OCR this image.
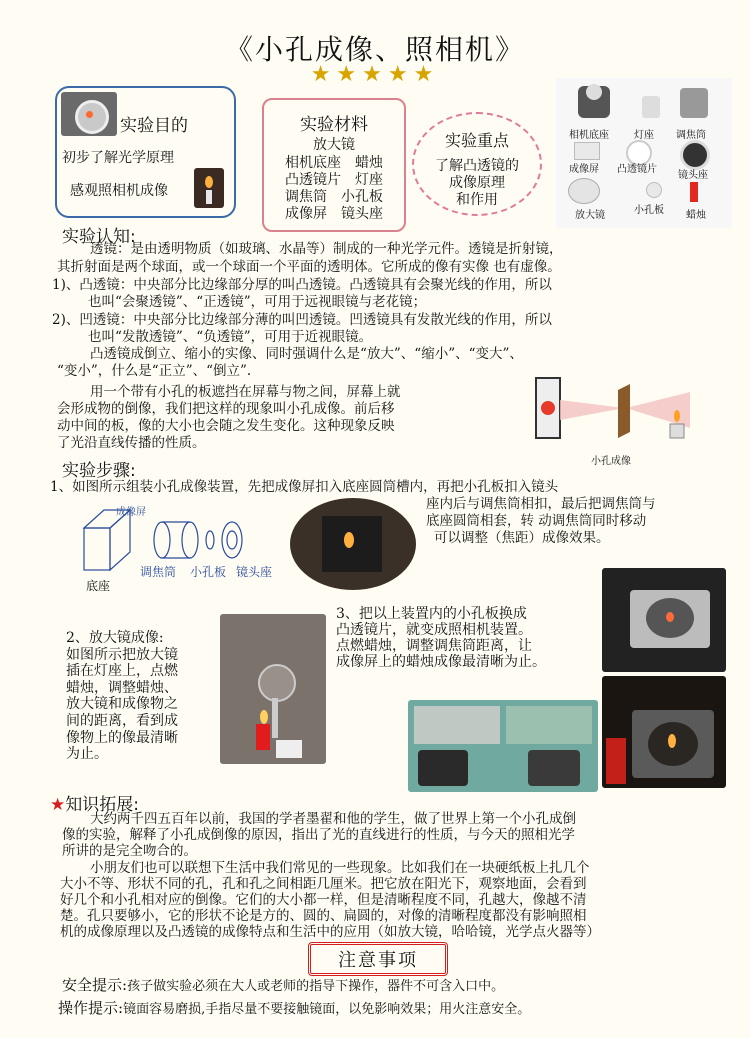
《小孔成像、照相机》
★★★★★
实验目的
初步了解光学原理
感观照相机成像
实验材料
放大镜
相机底座　蜡烛
凸透镜片　灯座
调焦筒　小孔板
成像屏　镜头座
实验重点
了解凸透镜的
成像原理
和作用
相机底座	灯座 调焦筒
成像屏 凸透镜片
镜头座
放大镜	小孔板 蜡烛
实验认知:
透镜：是由透明物质（如玻璃、水晶等）制成的一种光学元件。透镜是折射镜，
其折射面是两个球面，或一个球面一个平面的透明体。它所成的像有实像 也有虚像。
1)、凸透镜：中央部分比边缘部分厚的叫凸透镜。凸透镜具有会聚光线的作用，所以
也叫“会聚透镜”、“正透镜”，可用于远视眼镜与老花镜；
2)、凹透镜：中央部分比边缘部分薄的叫凹透镜。凹透镜具有发散光线的作用，所以
也叫“发散透镜”、“负透镜”，可用于近视眼镜。
凸透镜成倒立、缩小的实像、同时强调什么是“放大”、“缩小”、“变大”、
“变小”，什么是“正立”、“倒立”.
用一个带有小孔的板遮挡在屏幕与物之间，屏幕上就
会形成物的倒像，我们把这样的现象叫小孔成像。前后移
动中间的板，像的大小也会随之发生变化。这种现象反映
了光沿直线传播的性质。
小孔成像
实验步骤:
1、如图所示组装小孔成像装置，先把成像屏扣入底座圆筒槽内，再把小孔板扣入镜头
座内后与调焦筒相扣，最后把调焦筒与
底座圆筒相套，转 动调焦筒同时移动
可以调整（焦距）成像效果。
成像屏
底座
调焦筒 小孔板 镜头座
2、放大镜成像:
如图所示把放大镜
插在灯座上，点燃
蜡烛，调整蜡烛、
放大镜和成像物之
间的距离，看到成
像物上的像最清晰
为止。
3、把以上装置内的小孔板换成
凸透镜片，就变成照相机装置。
点燃蜡烛，调整调焦筒距离，让
成像屏上的蜡烛成像最清晰为止。
★知识拓展:
大约两千四五百年以前，我国的学者墨翟和他的学生，做了世界上第一个小孔成倒
像的实验，解释了小孔成倒像的原因，指出了光的直线进行的性质，与今天的照相光学
所讲的是完全吻合的。
小朋友们也可以联想下生活中我们常见的一些现象。比如我们在一块硬纸板上扎几个
大小不等、形状不同的孔，孔和孔之间相距几厘米。把它放在阳光下，观察地面，会看到
好几个和小孔相对应的倒像。它们的大小都一样，但是清晰程度不同，孔越大，像越不清
楚。孔只要够小，它的形状不论是方的、圆的、扁圆的，对像的清晰程度都没有影响照相
机的成像原理以及凸透镜的成像特点和生活中的应用（如放大镜，哈哈镜，光学点火器等）
注意事项
安全提示:孩子做实验必须在大人或老师的指导下操作，器件不可含入口中。
操作提示:镜面容易磨损,手指尽量不要接触镜面，以免影响效果；用火注意安全。
